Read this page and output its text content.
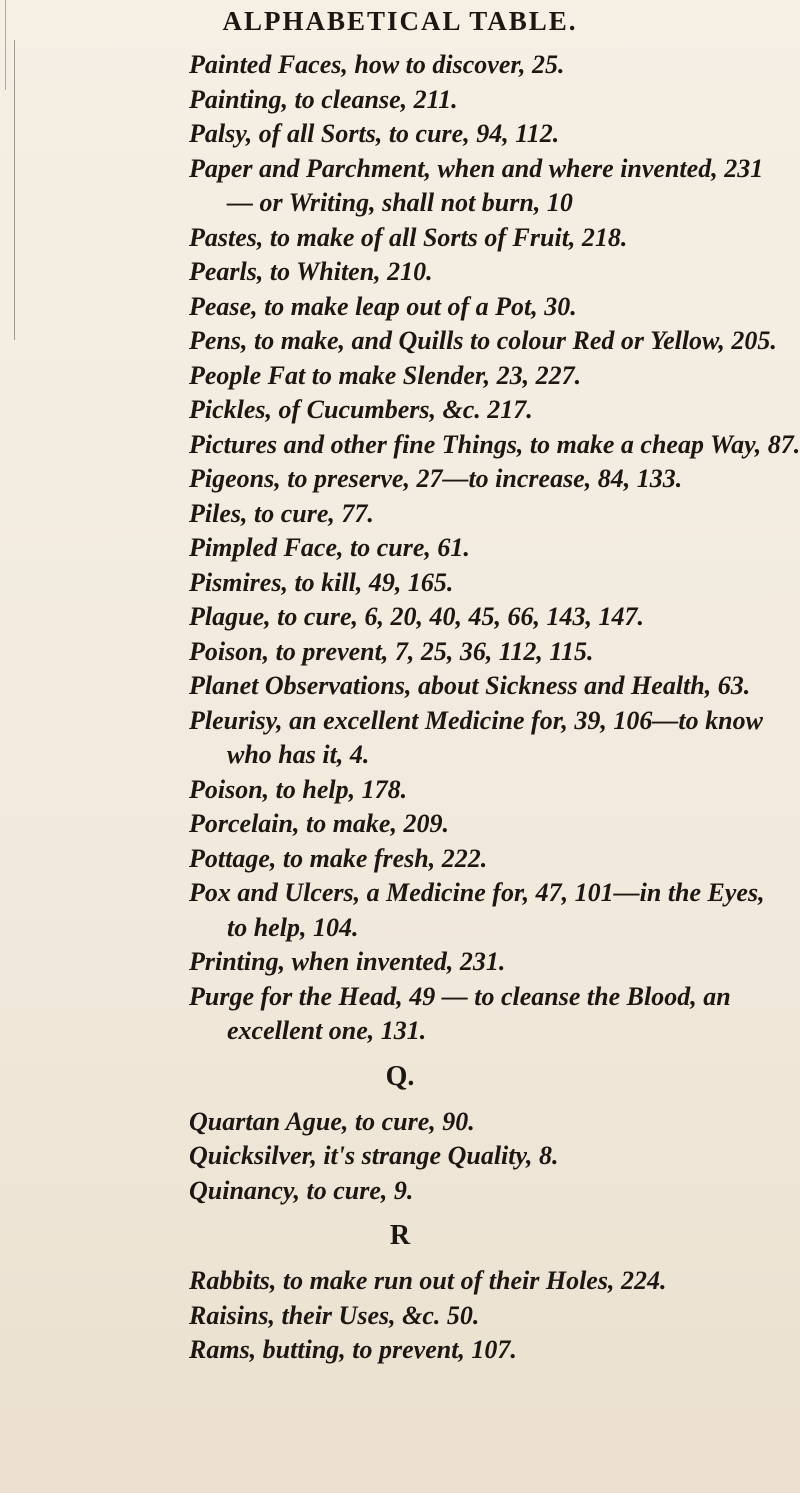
ALPHABETICAL TABLE.

Painted Faces, how to discover, 25.

Painting, to cleanse, 211.

Palsy, of all Sorts, to cure, 94, 112.

Paper and Parchment, when and where invented, 231 — or Writing, shall not burn, 10

Pastes, to make of all Sorts of Fruit, 218.

Pearls, to Whiten, 210.

Pease, to make leap out of a Pot, 30.

Pens, to make, and Quills to colour Red or Yellow, 205.

People Fat to make Slender, 23, 227.

Pickles, of Cucumbers, &c. 217.

Pictures and other fine Things, to make a cheap Way, 87.

Pigeons, to preserve, 27—to increase, 84, 133.

Piles, to cure, 77.

Pimpled Face, to cure, 61.

Pismires, to kill, 49, 165.

Plague, to cure, 6, 20, 40, 45, 66, 143, 147.

Poison, to prevent, 7, 25, 36, 112, 115.

Planet Observations, about Sickness and Health, 63.

Pleurisy, an excellent Medicine for, 39, 106—to know who has it, 4.

Poison, to help, 178.

Porcelain, to make, 209.

Pottage, to make fresh, 222.

Pox and Ulcers, a Medicine for, 47, 101—in the Eyes, to help, 104.

Printing, when invented, 231.

Purge for the Head, 49 — to cleanse the Blood, an excellent one, 131.

Q.

Quartan Ague, to cure, 90.

Quicksilver, it's strange Quality, 8.

Quinancy, to cure, 9.

R

Rabbits, to make run out of their Holes, 224.

Raisins, their Uses, &c. 50.

Rams, butting, to prevent, 107.
